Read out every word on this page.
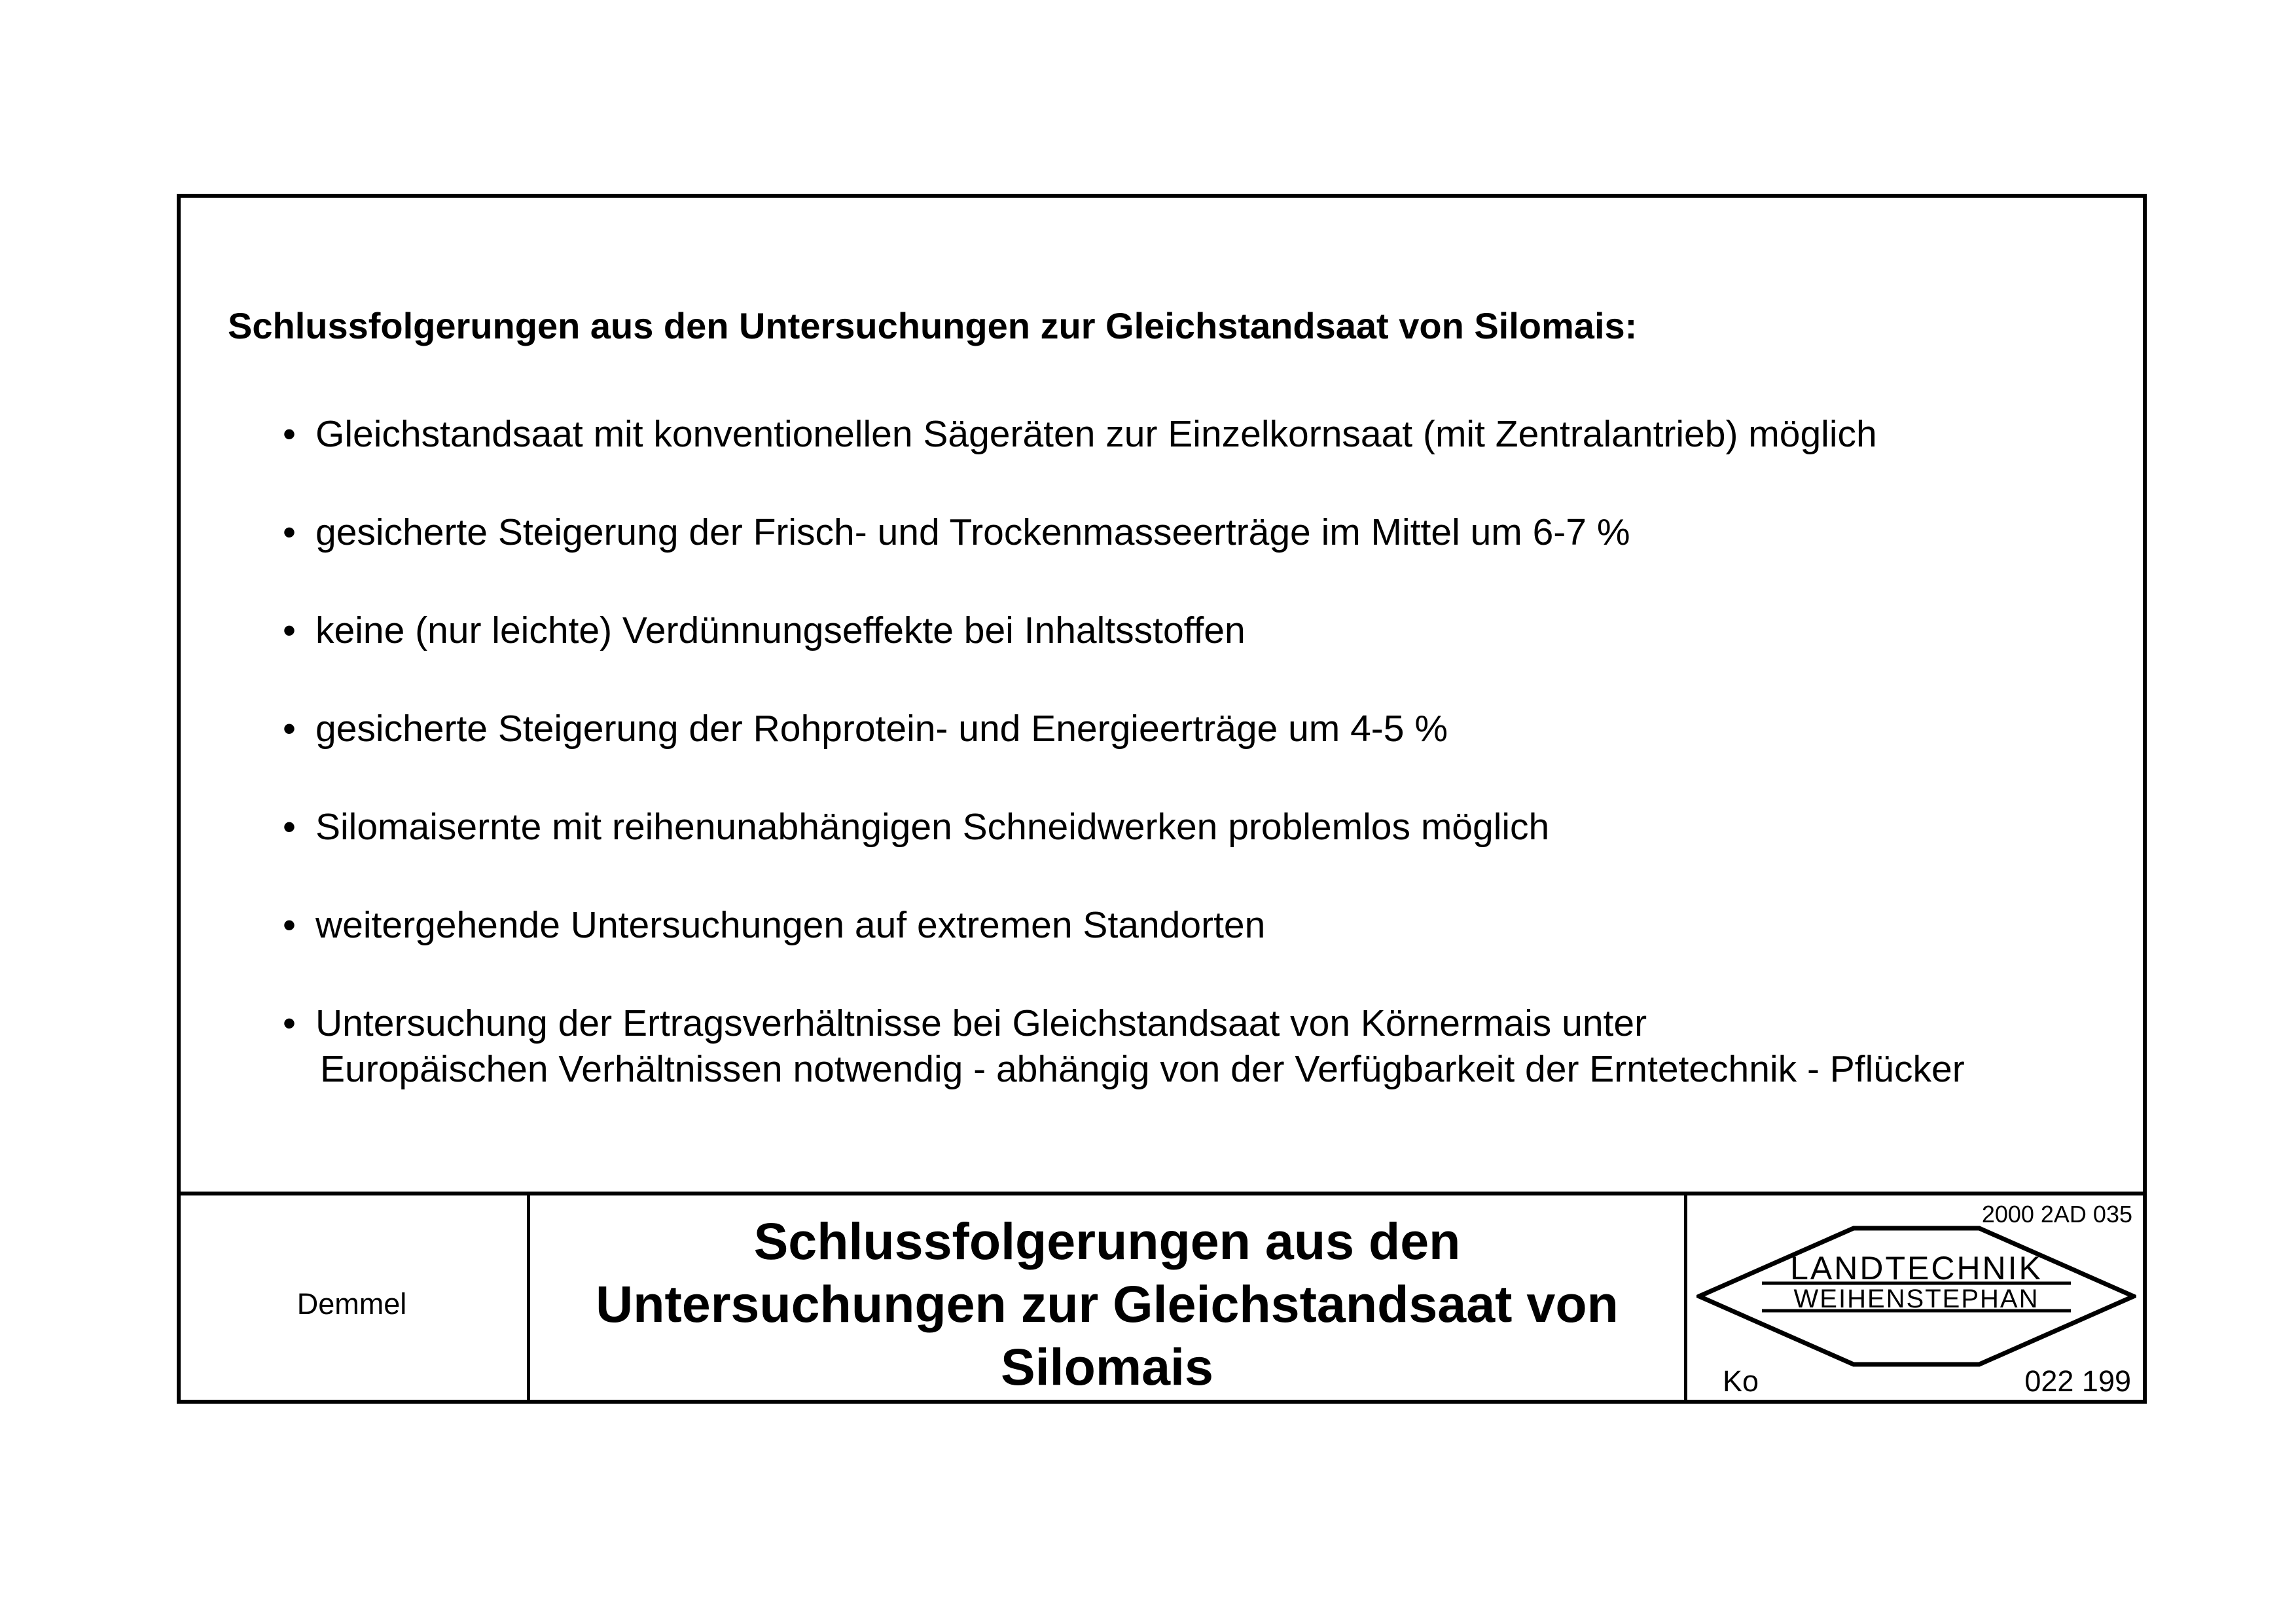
Schlussfolgerungen aus den Untersuchungen zur Gleichstandsaat von Silomais:
• Gleichstandsaat mit konventionellen Sägeräten zur Einzelkornsaat (mit Zentralantrieb) möglich
• gesicherte Steigerung der Frisch- und Trockenmasseerträge im Mittel um 6-7 %
• keine (nur leichte) Verdünnungseffekte bei Inhaltsstoffen
• gesicherte Steigerung der Rohprotein- und Energieerträge um 4-5 %
• Silomaisernte mit reihenunabhängigen Schneidwerken problemlos möglich
• weitergehende Untersuchungen auf extremen Standorten
• Untersuchung der Ertragsverhältnisse bei Gleichstandsaat von Körnermais unter
Europäischen Verhältnissen notwendig - abhängig von der Verfügbarkeit der Erntetechnik - Pflücker
Demmel
Schlussfolgerungen aus den
Untersuchungen zur Gleichstandsaat von
Silomais
2000 2AD 035
LANDTECHNIK
WEIHENSTEPHAN
Ko	022 199
